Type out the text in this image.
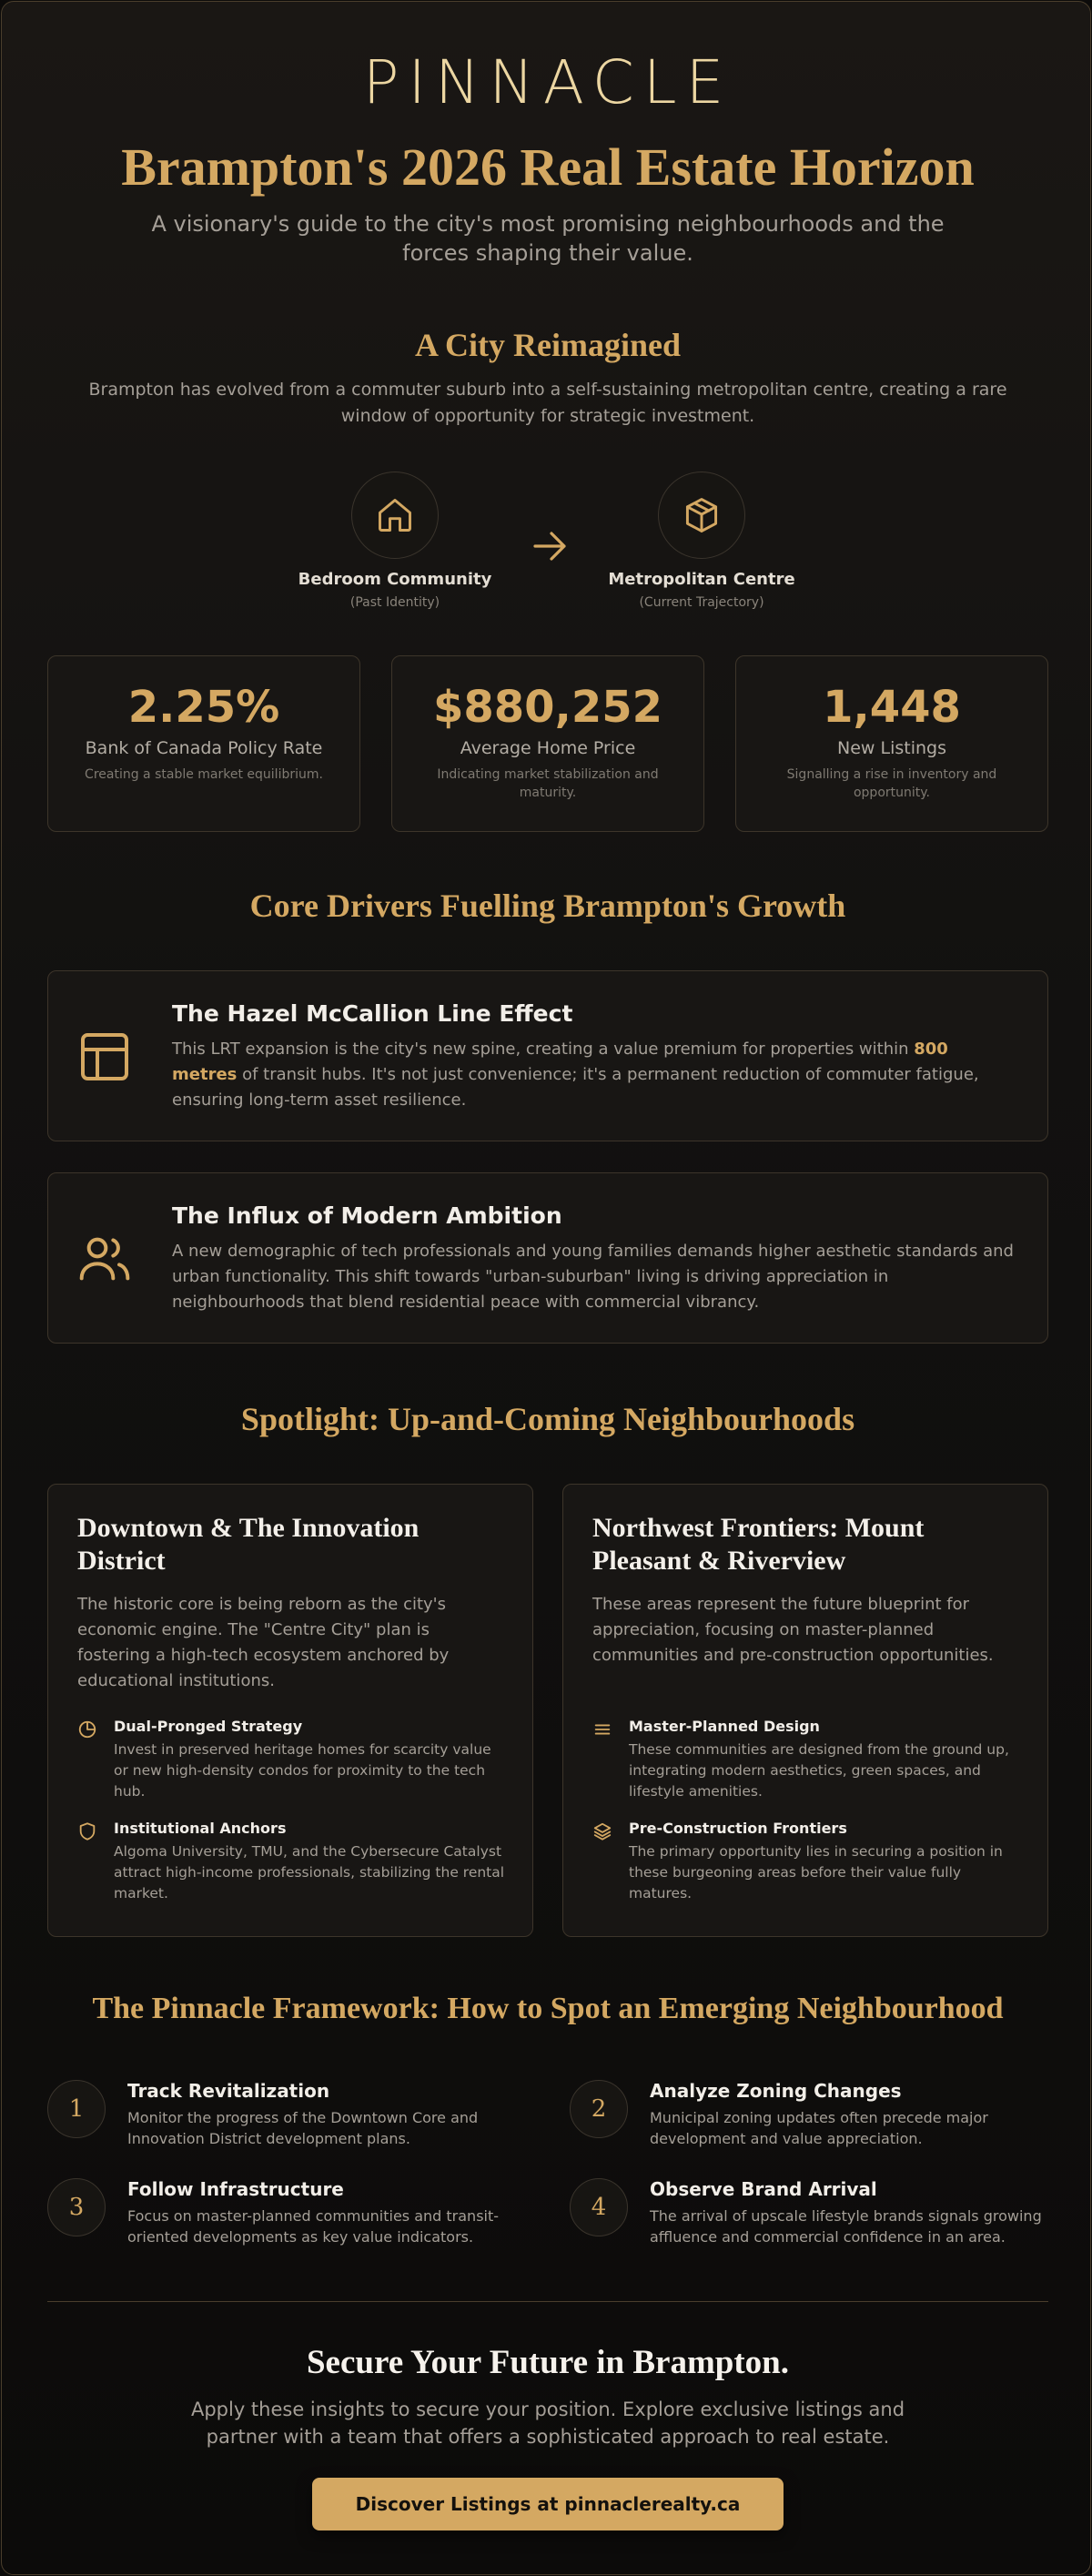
PINNACLE
Brampton's 2026 Real Estate Horizon

A visionary's guide to the city's most promising neighbourhoods and the forces shaping their value.

A City Reimagined

Brampton has evolved from a commuter suburb into a self-sustaining metropolitan centre, creating a rare window of opportunity for strategic investment.

Bedroom Community
(Past Identity)
Metropolitan Centre
(Current Trajectory)
2.25%
Bank of Canada Policy Rate
Creating a stable market equilibrium.
$880,252
Average Home Price
Indicating market stabilization and maturity.
1,448
New Listings
Signalling a rise in inventory and opportunity.
Core Drivers Fuelling Brampton's Growth
The Hazel McCallion Line Effect
This LRT expansion is the city's new spine, creating a value premium for properties within 800 metres of transit hubs. It's not just convenience; it's a permanent reduction of commuter fatigue, ensuring long-term asset resilience.
The Influx of Modern Ambition
A new demographic of tech professionals and young families demands higher aesthetic standards and urban functionality. This shift towards "urban-suburban" living is driving appreciation in neighbourhoods that blend residential peace with commercial vibrancy.
Spotlight: Up-and-Coming Neighbourhoods
Downtown & The Innovation District
The historic core is being reborn as the city's economic engine. The "Centre City" plan is fostering a high-tech ecosystem anchored by educational institutions.
Dual-Pronged Strategy
Invest in preserved heritage homes for scarcity value or new high-density condos for proximity to the tech hub.
Institutional Anchors
Algoma University, TMU, and the Cybersecure Catalyst attract high-income professionals, stabilizing the rental market.
Northwest Frontiers: Mount Pleasant & Riverview
These areas represent the future blueprint for appreciation, focusing on master-planned communities and pre-construction opportunities.
Master-Planned Design
These communities are designed from the ground up, integrating modern aesthetics, green spaces, and lifestyle amenities.
Pre-Construction Frontiers
The primary opportunity lies in securing a position in these burgeoning areas before their value fully matures.
The Pinnacle Framework: How to Spot an Emerging Neighbourhood
1
Track Revitalization
Monitor the progress of the Downtown Core and Innovation District development plans.
2
Analyze Zoning Changes
Municipal zoning updates often precede major development and value appreciation.
3
Follow Infrastructure
Focus on master-planned communities and transit-oriented developments as key value indicators.
4
Observe Brand Arrival
The arrival of upscale lifestyle brands signals growing affluence and commercial confidence in an area.
Secure Your Future in Brampton.

Apply these insights to secure your position. Explore exclusive listings and partner with a team that offers a sophisticated approach to real estate.

Discover Listings at pinnaclerealty.ca
